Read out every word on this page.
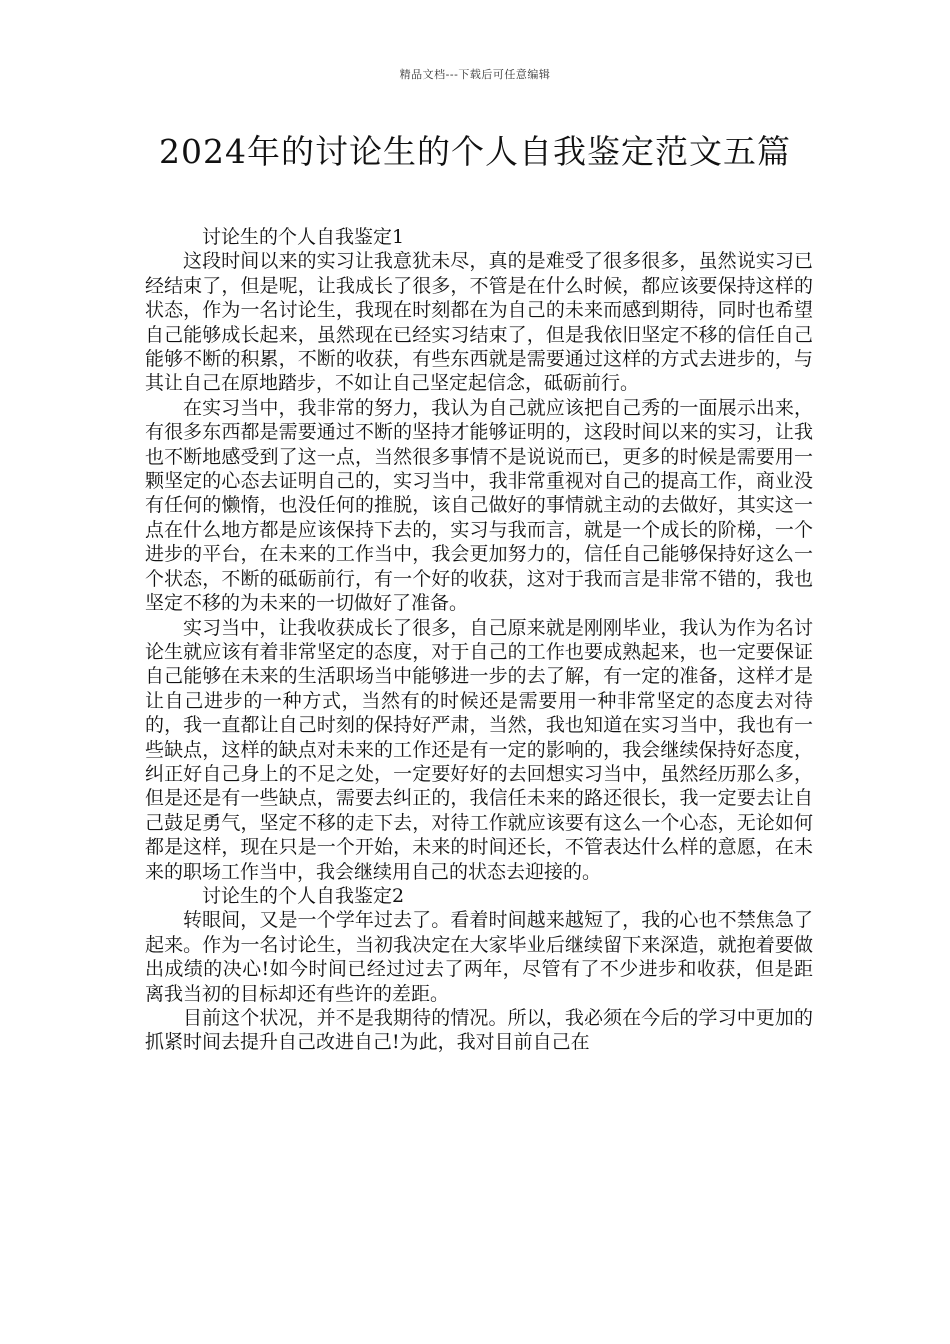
精品文档---下载后可任意编辑
2024年的讨论生的个人自我鉴定范文五篇

讨论生的个人自我鉴定1

这段时间以来的实习让我意犹未尽，真的是难受了很多很多，虽然说实习已经结束了，但是呢，让我成长了很多，不管是在什么时候，都应该要保持这样的状态，作为一名讨论生，我现在时刻都在为自己的未来而感到期待，同时也希望自己能够成长起来，虽然现在已经实习结束了，但是我依旧坚定不移的信任自己能够不断的积累，不断的收获，有些东西就是需要通过这样的方式去进步的，与其让自己在原地踏步，不如让自己坚定起信念，砥砺前行。

在实习当中，我非常的努力，我认为自己就应该把自己秀的一面展示出来，有很多东西都是需要通过不断的坚持才能够证明的，这段时间以来的实习，让我也不断地感受到了这一点，当然很多事情不是说说而已，更多的时候是需要用一颗坚定的心态去证明自己的，实习当中，我非常重视对自己的提高工作，商业没有任何的懒惰，也没任何的推脱，该自己做好的事情就主动的去做好，其实这一点在什么地方都是应该保持下去的，实习与我而言，就是一个成长的阶梯，一个进步的平台，在未来的工作当中，我会更加努力的，信任自己能够保持好这么一个状态，不断的砥砺前行，有一个好的收获，这对于我而言是非常不错的，我也坚定不移的为未来的一切做好了准备。

实习当中，让我收获成长了很多，自己原来就是刚刚毕业，我认为作为名讨论生就应该有着非常坚定的态度，对于自己的工作也要成熟起来，也一定要保证自己能够在未来的生活职场当中能够进一步的去了解，有一定的准备，这样才是让自己进步的一种方式，当然有的时候还是需要用一种非常坚定的态度去对待的，我一直都让自己时刻的保持好严肃，当然，我也知道在实习当中，我也有一些缺点，这样的缺点对未来的工作还是有一定的影响的，我会继续保持好态度，纠正好自己身上的不足之处，一定要好好的去回想实习当中，虽然经历那么多，但是还是有一些缺点，需要去纠正的，我信任未来的路还很长，我一定要去让自己鼓足勇气，坚定不移的走下去，对待工作就应该要有这么一个心态，无论如何都是这样，现在只是一个开始，未来的时间还长，不管表达什么样的意愿，在未来的职场工作当中，我会继续用自己的状态去迎接的。

讨论生的个人自我鉴定2

转眼间，又是一个学年过去了。看着时间越来越短了，我的心也不禁焦急了起来。作为一名讨论生，当初我决定在大家毕业后继续留下来深造，就抱着要做出成绩的决心!如今时间已经过过去了两年，尽管有了不少进步和收获，但是距离我当初的目标却还有些许的差距。

目前这个状况，并不是我期待的情况。所以，我必须在今后的学习中更加的抓紧时间去提升自己改进自己!为此，我对目前自己在
